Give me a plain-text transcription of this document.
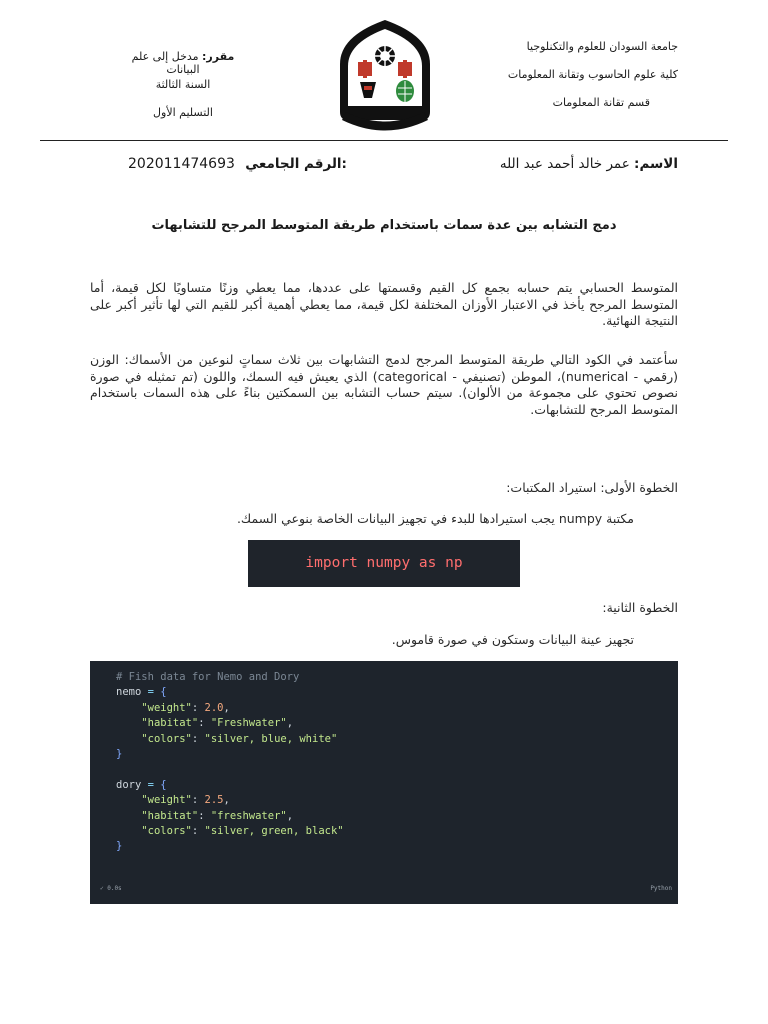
جامعة السودان للعلوم والتكنلوجيا
كلية علوم الحاسوب وتقانة المعلومات
قسم تقانة المعلومات
مقرر: مدخل إلى علم البيانات
السنة الثالثة
التسليم الأول
الاسم: عمر خالد أحمد عبد الله
202011474693 الرقم الجامعي:
دمج التشابه بين عدة سمات باستخدام طريقة المتوسط المرجح للتشابهات
المتوسط الحسابي يتم حسابه بجمع كل القيم وقسمتها على عددها، مما يعطي وزنًا متساويًا لكل قيمة، أما المتوسط المرجح يأخذ في الاعتبار الأوزان المختلفة لكل قيمة، مما يعطي أهمية أكبر للقيم التي لها تأثير أكبر على النتيجة النهائية.
سأعتمد في الكود التالي طريقة المتوسط المرجح لدمج التشابهات بين ثلاث سماتٍ لنوعين من الأسماك: الوزن (رقمي - numerical)، الموطن (تصنيفي - categorical) الذي يعيش فيه السمك، واللون (تم تمثيله في صورة نصوص تحتوي على مجموعة من الألوان). سيتم حساب التشابه بين السمكتين بناءً على هذه السمات باستخدام المتوسط المرجح للتشابهات.
الخطوة الأولى: استيراد المكتبات:
مكتبة numpy يجب استيرادها للبدء في تجهيز البيانات الخاصة بنوعي السمك.
import numpy as np
الخطوة الثانية:
تجهيز عينة البيانات وستكون في صورة قاموس.
# Fish data for Nemo and Dory
nemo = {
"weight": 2.0,
"habitat": "Freshwater",
"colors": "silver, blue, white"
}

dory = {
"weight": 2.5,
"habitat": "freshwater",
"colors": "silver, green, black"
}
✓ 0.0s	Python
